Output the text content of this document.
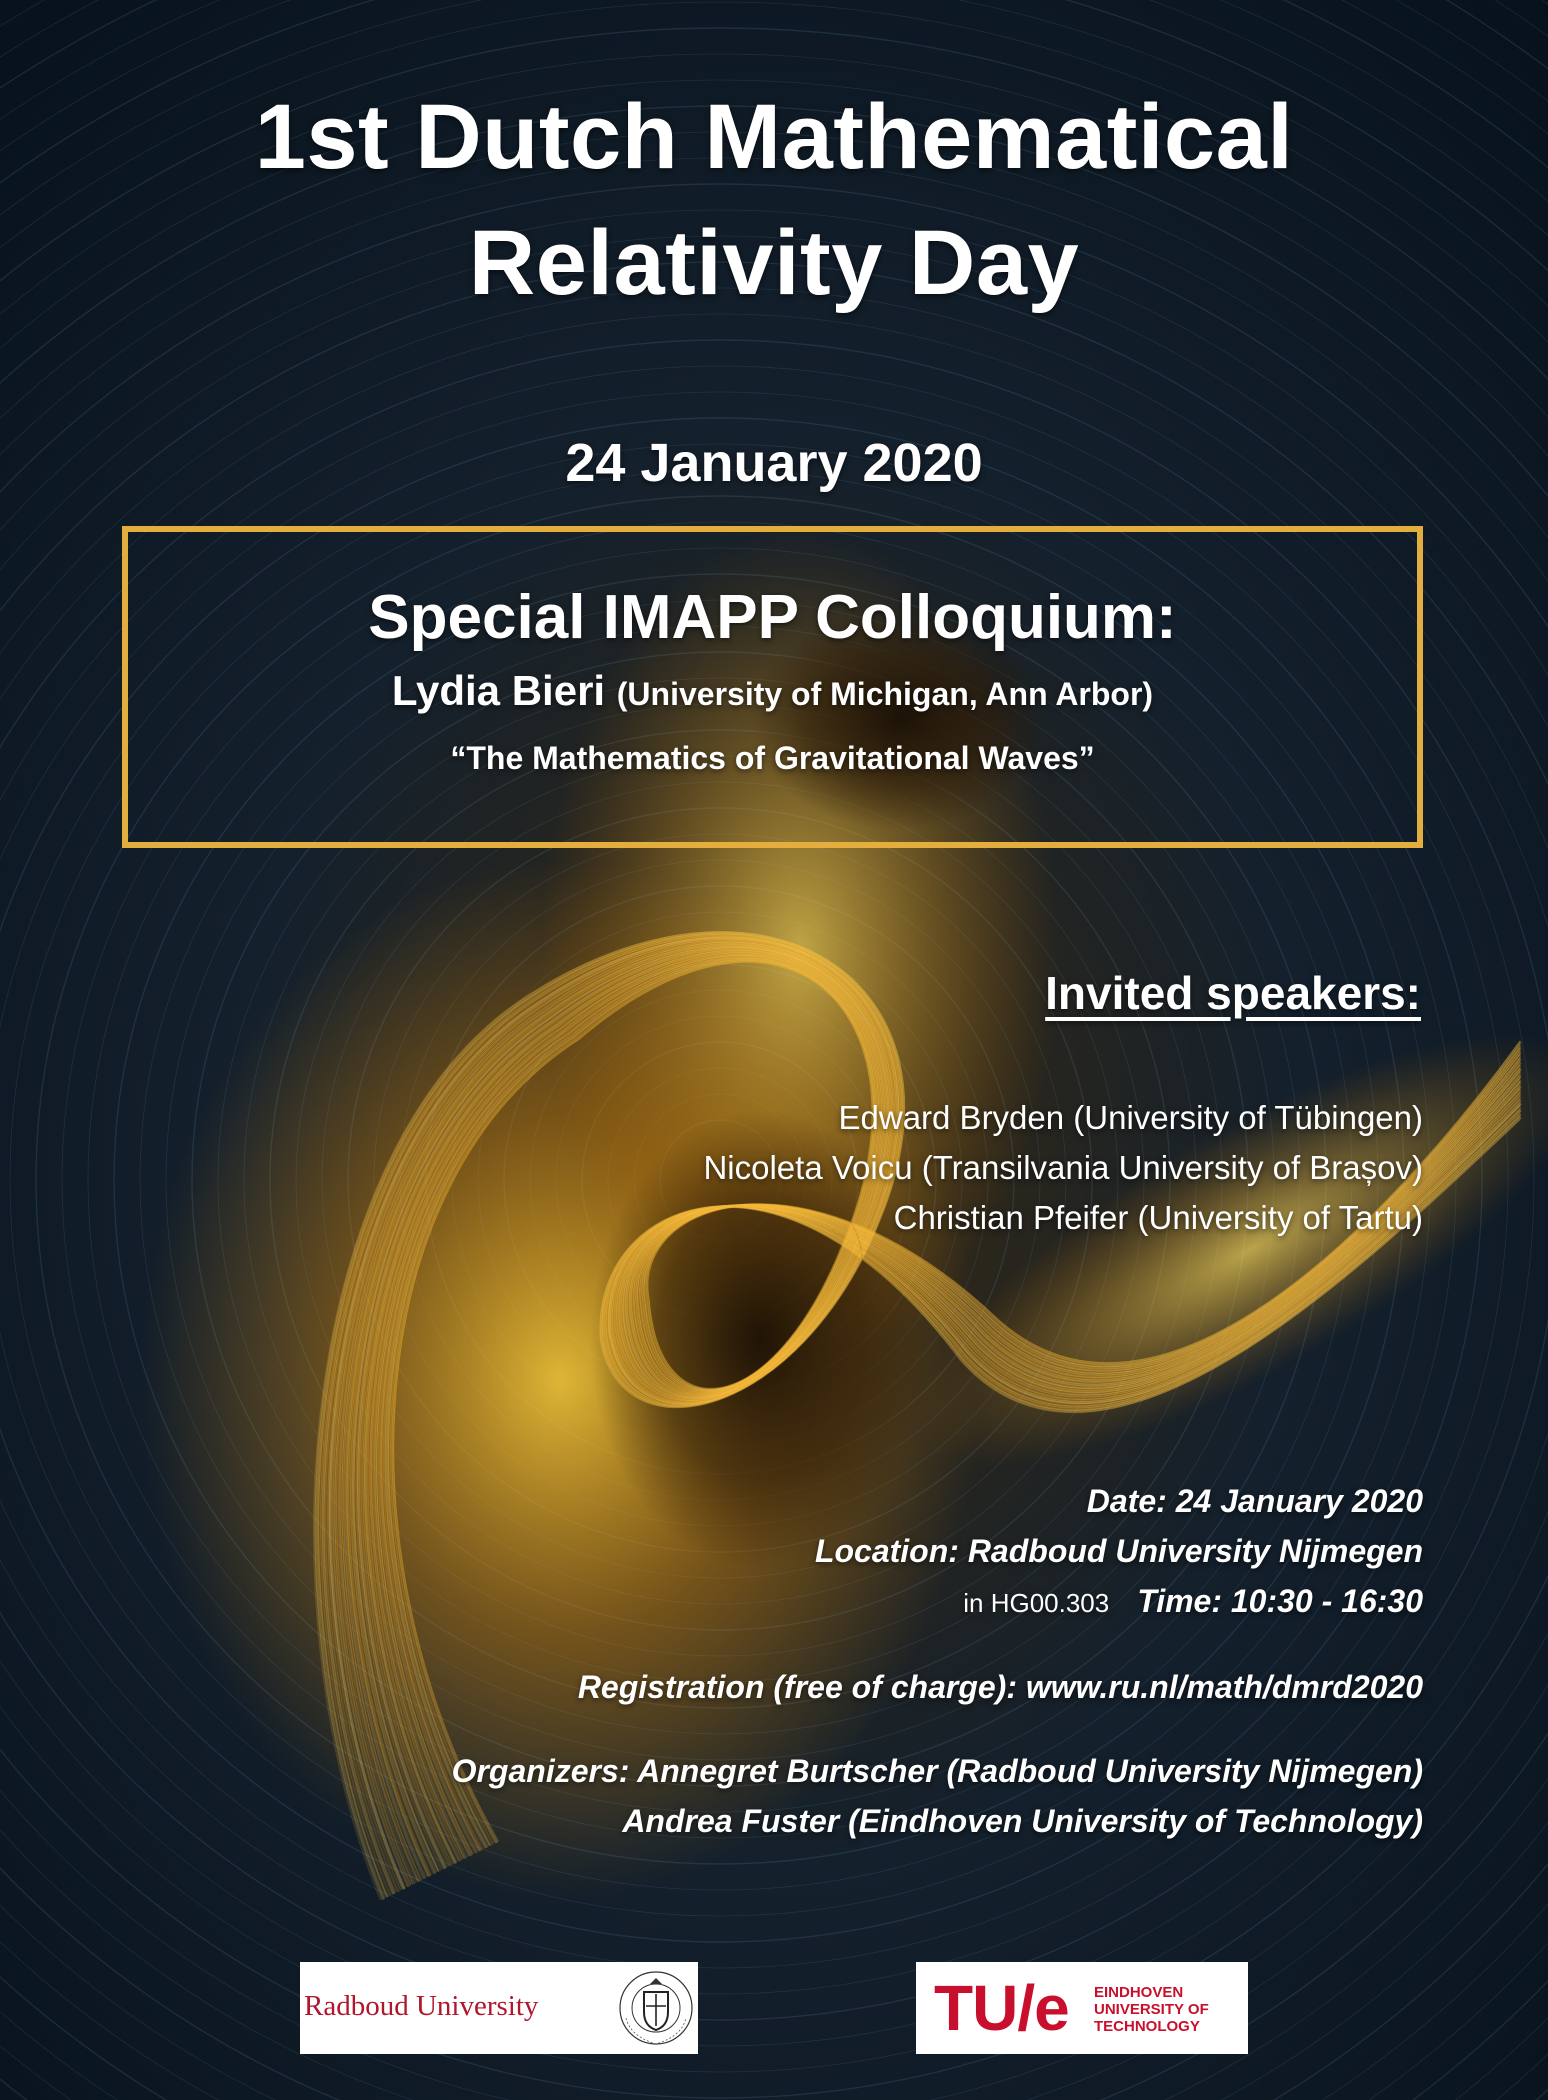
1st Dutch Mathematical
Relativity Day
24 January 2020
Special IMAPP Colloquium:
Lydia Bieri (University of Michigan, Ann Arbor)
“The Mathematics of Gravitational Waves”
Invited speakers:
Edward Bryden (University of Tübingen)
Nicoleta Voicu (Transilvania University of Brașov)
Christian Pfeifer (University of Tartu)
Date: 24 January 2020
Location: Radboud University Nijmegen
in HG00.303 Time: 10:30 - 16:30
Registration (free of charge): www.ru.nl/math/dmrd2020
Organizers: Annegret Burtscher (Radboud University Nijmegen)
Andrea Fuster (Eindhoven University of Technology)
Radboud University	TU/e EINDHOVEN
UNIVERSITY OF
TECHNOLOGY
